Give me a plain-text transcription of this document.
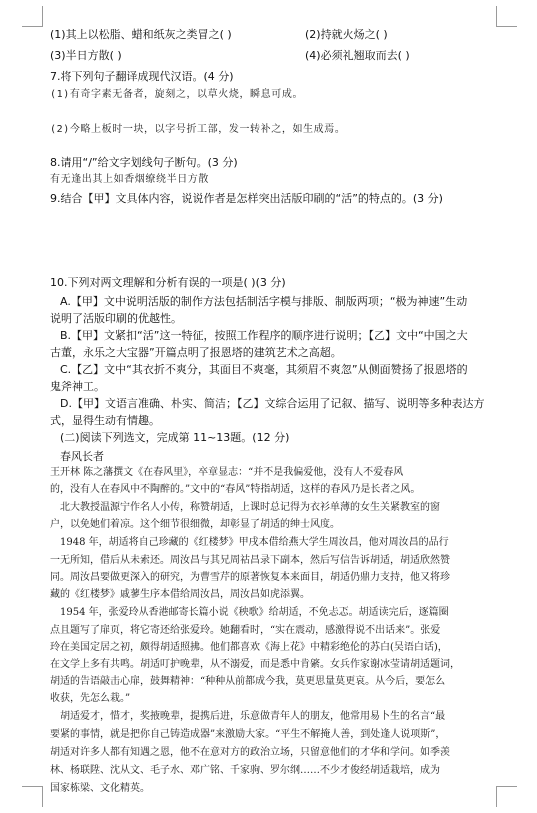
(1)其上以松脂、蜡和纸灰之类冒之( )	(2)持就火炀之( )
(3)半日方散( )	(4)必须礼翘取而去( )
7.将下列句子翻译成现代汉语。(4 分)
(1)有奇字素无备者，旋刻之，以草火烧，瞬息可成。
(2)今略上板时一块，以字号折工部，发一转补之，如生成焉。
8.请用“/”给文字划线句子断句。(3 分)
有无逢出其上如香烟缭绕半日方散
9.结合【甲】文具体内容，说说作者是怎样突出活版印刷的“活”的特点的。(3 分)
10.下列对两文理解和分析有误的一项是( )(3 分)
A.【甲】文中说明活版的制作方法包括制活字模与排版、制版两项；“极为神速”生动
说明了活版印刷的优越性。
B.【甲】文紧扣“活”这一特征，按照工作程序的顺序进行说明；【乙】文中“中国之大
古董，永乐之大宝器”开篇点明了报恩塔的建筑艺术之高超。
C.【乙】文中“其衣折不爽分，其面目不爽毫，其须眉不爽忽”从侧面赞扬了报恩塔的
鬼斧神工。
D.【甲】文语言准确、朴实、简洁；【乙】文综合运用了记叙、描写、说明等多种表达方
式，显得生动有情趣。
(二)阅读下列选文，完成第 11~13题。(12 分)
春风长者
王开林 陈之藩撰文《在春风里》，卒章显志：“并不是我偏爱他，没有人不爱春风
的，没有人在春风中不陶醉的。”文中的“春风”特指胡适，这样的春风乃是长者之风。
北大教授温源宁作名人小传，称赞胡适，上课时总记得为衣衫单薄的女生关紧教室的窗
户，以免她们着凉。这个细节很细微，却彰显了胡适的绅士风度。
1948 年，胡适将自己珍藏的《红楼梦》甲戌本借给燕大学生周汝昌，他对周汝昌的品行
一无所知，借后从未索还。周汝昌与其兄周祜昌录下副本，然后写信告诉胡适，胡适欣然赞
同。周汝昌要做更深入的研究，为曹雪芹的原著恢复本来面目，胡适仍鼎力支持，他又将珍
藏的《红楼梦》戚蓼生序本借给周汝昌，周汝昌如虎添翼。
1954 年，张爱玲从香港邮寄长篇小说《秧歌》给胡适，不免忐忑。胡适读完后，逐篇圈
点且题写了扉页，将它寄还给张爱玲。她翻看时，“实在震动，感激得说不出话来”。张爱
玲在美国定居之初，颇得胡适照拂。他们都喜欢《海上花》中精彩绝伦的苏白(吴语白话)，
在文学上多有共鸣。胡适叮护晚辈，从不溺爱，而是悉中肯綮。女兵作家谢冰莹请胡适题词，
胡适的告语敲击心扉，鼓舞精神：“种种从前都成今我，莫更思量莫更哀。从今后，要怎么
收获，先怎么栽。”
胡适爱才，惜才，奖掖晚辈，提携后进，乐意做青年人的朋友，他常用易卜生的名言“最
要紧的事情，就是把你自己铸造成器”来激励大家。“平生不解掩人善，到处逢人说项斯”，
胡适对许多人都有知遇之恩，他不在意对方的政治立场，只留意他们的才华和学问。如季羡
林、杨联陞、沈从文、毛子水、邓广铭、千家驹、罗尔纲……不少才俊经胡适栽培，成为
国家栋梁、文化精英。
